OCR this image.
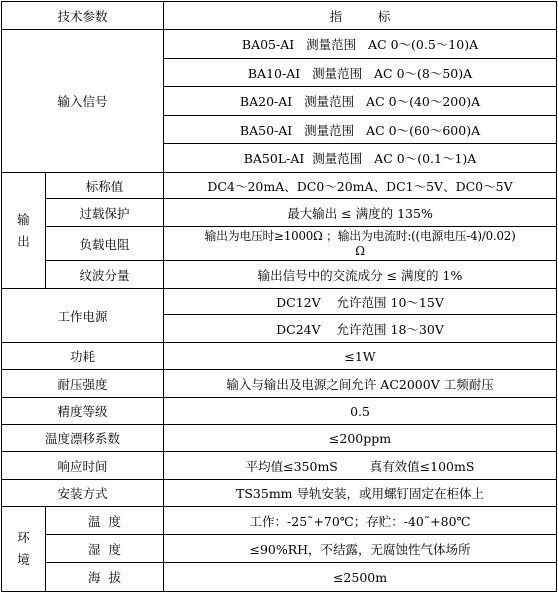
技术参数		指         标
输入信号		BA05-AI   测量范围   AC 0～(0.5～10)A
		BA10-AI   测量范围   AC 0～(8～50)A
		BA20-AI   测量范围   AC 0～(40～200)A
		BA50-AI   测量范围   AC 0～(60～600)A
		BA50L-AI  测量范围   AC 0～(0.1～1)A

输
出	标称值	DC4～20mA、DC0～20mA、DC1～5V、DC0～5V
	过载保护	最大输出 ≤ 满度的 135%
	负载电阻	输出为电压时≥1000Ω ；输出为电流时:((电源电压-4)/0.02)
Ω
	纹波分量	输出信号中的交流成分 ≤ 满度的 1%
工作电源		DC12V    允许范围 10～15V
		DC24V    允许范围 18～30V
功耗		≤1W
耐压强度		输入与输出及电源之间允许 AC2000V 工频耐压
精度等级		0.5
温度漂移系数		≤200ppm
响应时间		平均值≤350mS        真有效值≤100mS
安装方式		TS35mm 导轨安装，或用螺钉固定在柜体上

环
境	温  度	工作：-25˜+70℃；存贮：-40˜+80℃
	湿  度	≤90%RH，不结露，无腐蚀性气体场所
	海  拔	≤2500m
